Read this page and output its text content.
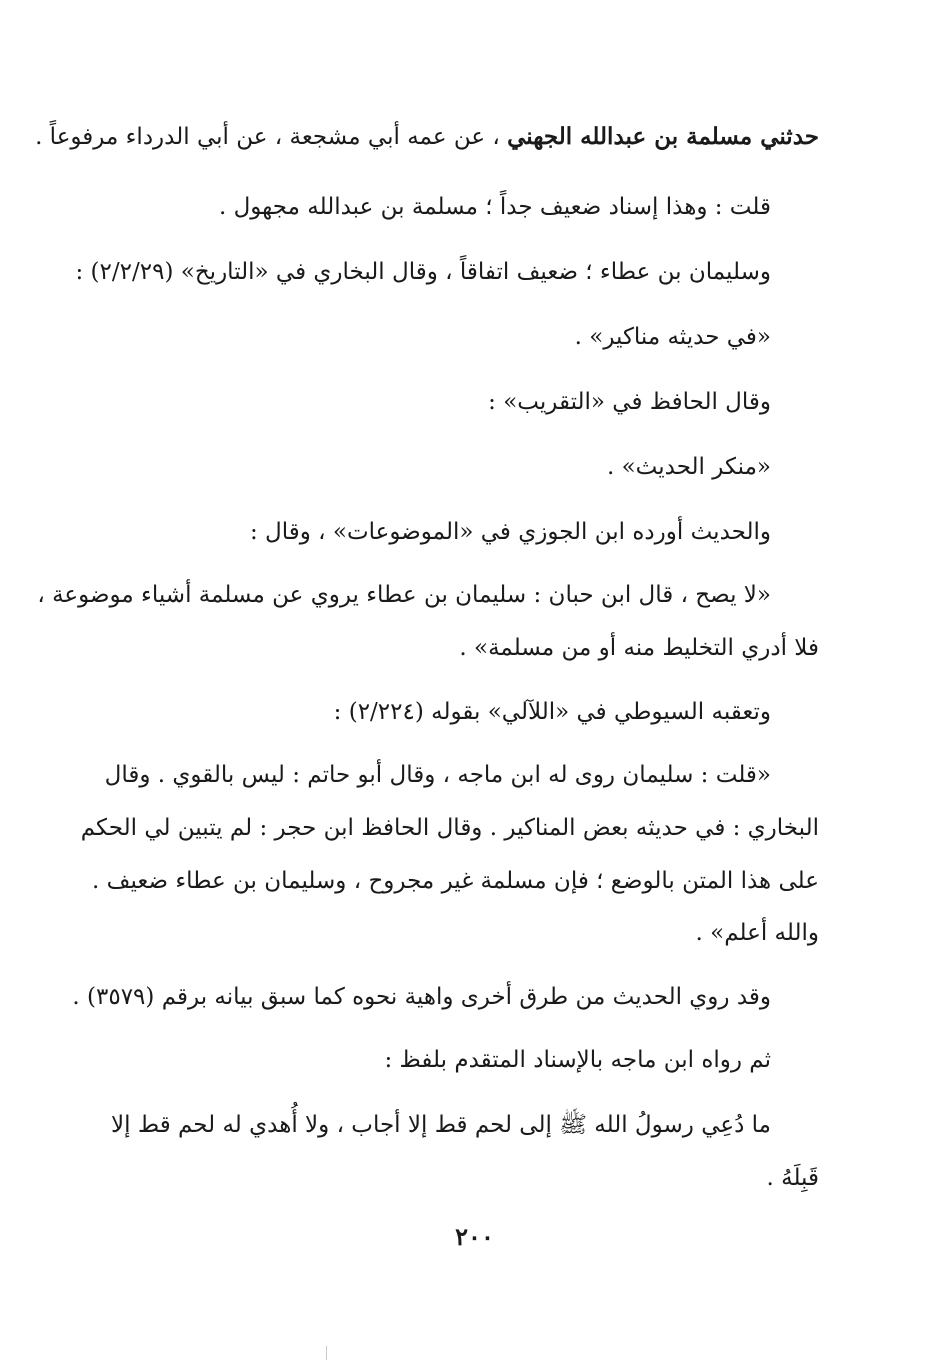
حدثني مسلمة بن عبدالله الجهني ، عن عمه أبي مشجعة ، عن أبي الدرداء مرفوعاً .
قلت : وهذا إسناد ضعيف جداً ؛ مسلمة بن عبدالله مجهول .
وسليمان بن عطاء ؛ ضعيف اتفاقاً ، وقال البخاري في «التاريخ» (٢/٢/٢٩) :
«في حديثه مناكير» .
وقال الحافظ في «التقريب» :
«منكر الحديث» .
والحديث أورده ابن الجوزي في «الموضوعات» ، وقال :
«لا يصح ، قال ابن حبان : سليمان بن عطاء يروي عن مسلمة أشياء موضوعة ،
فلا أدري التخليط منه أو من مسلمة» .
وتعقبه السيوطي في «اللآلي» بقوله (٢/٢٢٤) :
«قلت : سليمان روى له ابن ماجه ، وقال أبو حاتم : ليس بالقوي . وقال
البخاري : في حديثه بعض المناكير . وقال الحافظ ابن حجر : لم يتبين لي الحكم
على هذا المتن بالوضع ؛ فإن مسلمة غير مجروح ، وسليمان بن عطاء ضعيف .
والله أعلم» .
وقد روي الحديث من طرق أخرى واهية نحوه كما سبق بيانه برقم (٣٥٧٩) .
ثم رواه ابن ماجه بالإسناد المتقدم بلفظ :
ما دُعِي رسولُ الله ﷺ إلى لحم قط إلا أجاب ، ولا أُهدي له لحم قط إلا
قَبِلَهُ .
٢٠٠
